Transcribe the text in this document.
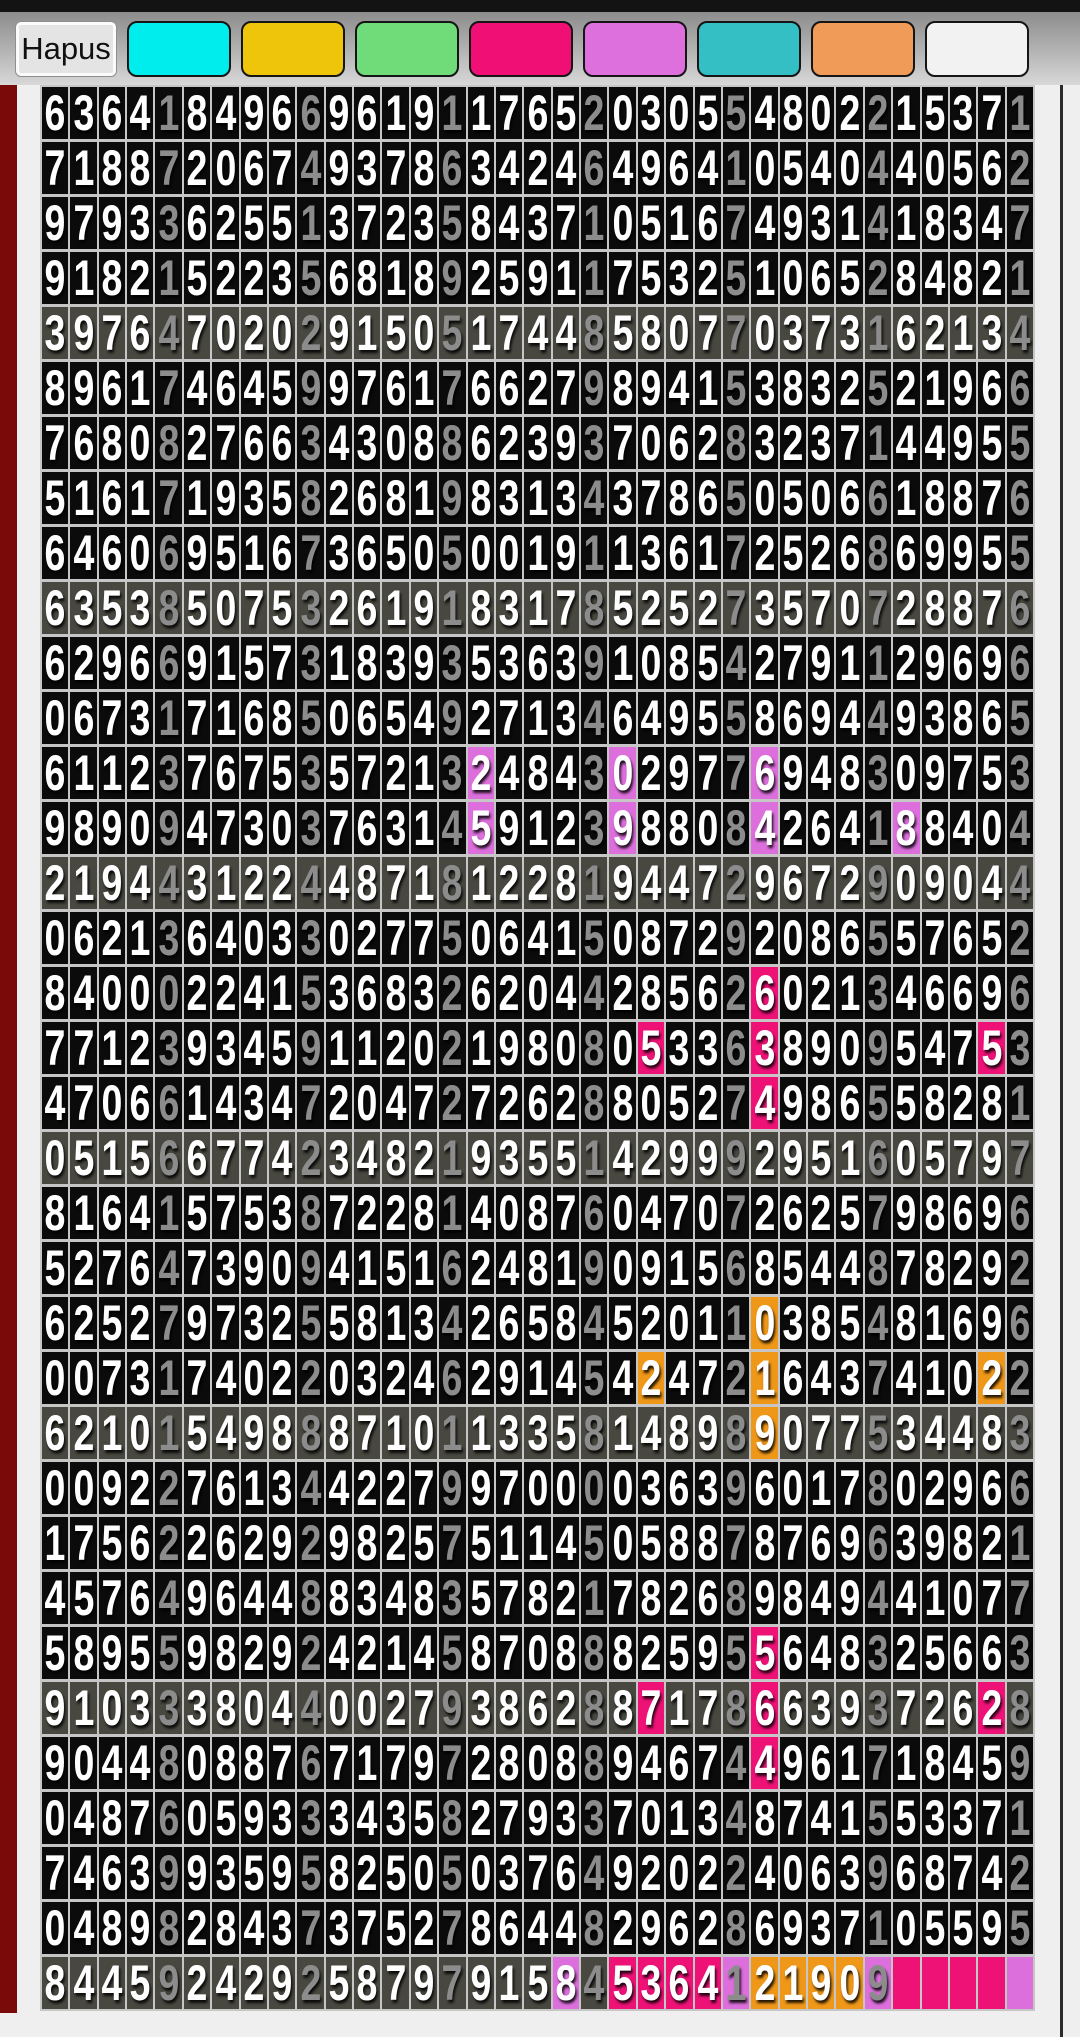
Hapus
6 3 6 4 1 8 4 9 6 6 9 6 1 9 1 1 7 6 5 2 0 3 0 5 5 4 8 0 2 2 1 5 3 7 1
7 1 8 8 7 2 0 6 7 4 9 3 7 8 6 3 4 2 4 6 4 9 6 4 1 0 5 4 0 4 4 0 5 6 2
9 7 9 3 3 6 2 5 5 1 3 7 2 3 5 8 4 3 7 1 0 5 1 6 7 4 9 3 1 4 1 8 3 4 7
9 1 8 2 1 5 2 2 3 5 6 8 1 8 9 2 5 9 1 1 7 5 3 2 5 1 0 6 5 2 8 4 8 2 1
3 9 7 6 4 7 0 2 0 2 9 1 5 0 5 1 7 4 4 8 5 8 0 7 7 0 3 7 3 1 6 2 1 3 4
8 9 6 1 7 4 6 4 5 9 9 7 6 1 7 6 6 2 7 9 8 9 4 1 5 3 8 3 2 5 2 1 9 6 6
7 6 8 0 8 2 7 6 6 3 4 3 0 8 8 6 2 3 9 3 7 0 6 2 8 3 2 3 7 1 4 4 9 5 5
5 1 6 1 7 1 9 3 5 8 2 6 8 1 9 8 3 1 3 4 3 7 8 6 5 0 5 0 6 6 1 8 8 7 6
6 4 6 0 6 9 5 1 6 7 3 6 5 0 5 0 0 1 9 1 1 3 6 1 7 2 5 2 6 8 6 9 9 5 5
6 3 5 3 8 5 0 7 5 3 2 6 1 9 1 8 3 1 7 8 5 2 5 2 7 3 5 7 0 7 2 8 8 7 6
6 2 9 6 6 9 1 5 7 3 1 8 3 9 3 5 3 6 3 9 1 0 8 5 4 2 7 9 1 1 2 9 6 9 6
0 6 7 3 1 7 1 6 8 5 0 6 5 4 9 2 7 1 3 4 6 4 9 5 5 8 6 9 4 4 9 3 8 6 5
6 1 1 2 3 7 6 7 5 3 5 7 2 1 3 2 4 8 4 3 0 2 9 7 7 6 9 4 8 3 0 9 7 5 3
9 8 9 0 9 4 7 3 0 3 7 6 3 1 4 5 9 1 2 3 9 8 8 0 8 4 2 6 4 1 8 8 4 0 4
2 1 9 4 4 3 1 2 2 4 4 8 7 1 8 1 2 2 8 1 9 4 4 7 2 9 6 7 2 9 0 9 0 4 4
0 6 2 1 3 6 4 0 3 3 0 2 7 7 5 0 6 4 1 5 0 8 7 2 9 2 0 8 6 5 5 7 6 5 2
8 4 0 0 0 2 2 4 1 5 3 6 8 3 2 6 2 0 4 4 2 8 5 6 2 6 0 2 1 3 4 6 6 9 6
7 7 1 2 3 9 3 4 5 9 1 1 2 0 2 1 9 8 0 8 0 5 3 3 6 3 8 9 0 9 5 4 7 5 3
4 7 0 6 6 1 4 3 4 7 2 0 4 7 2 7 2 6 2 8 8 0 5 2 7 4 9 8 6 5 5 8 2 8 1
0 5 1 5 6 6 7 7 4 2 3 4 8 2 1 9 3 5 5 1 4 2 9 9 9 2 9 5 1 6 0 5 7 9 7
8 1 6 4 1 5 7 5 3 8 7 2 2 8 1 4 0 8 7 6 0 4 7 0 7 2 6 2 5 7 9 8 6 9 6
5 2 7 6 4 7 3 9 0 9 4 1 5 1 6 2 4 8 1 9 0 9 1 5 6 8 5 4 4 8 7 8 2 9 2
6 2 5 2 7 9 7 3 2 5 5 8 1 3 4 2 6 5 8 4 5 2 0 1 1 0 3 8 5 4 8 1 6 9 6
0 0 7 3 1 7 4 0 2 2 0 3 2 4 6 2 9 1 4 5 4 2 4 7 2 1 6 4 3 7 4 1 0 2 2
6 2 1 0 1 5 4 9 8 8 8 7 1 0 1 1 3 3 5 8 1 4 8 9 8 9 0 7 7 5 3 4 4 8 3
0 0 9 2 2 7 6 1 3 4 4 2 2 7 9 9 7 0 0 0 0 3 6 3 9 6 0 1 7 8 0 2 9 6 6
1 7 5 6 2 2 6 2 9 2 9 8 2 5 7 5 1 1 4 5 0 5 8 8 7 8 7 6 9 6 3 9 8 2 1
4 5 7 6 4 9 6 4 4 8 8 3 4 8 3 5 7 8 2 1 7 8 2 6 8 9 8 4 9 4 4 1 0 7 7
5 8 9 5 5 9 8 2 9 2 4 2 1 4 5 8 7 0 8 8 8 2 5 9 5 5 6 4 8 3 2 5 6 6 3
9 1 0 3 3 3 8 0 4 4 0 0 2 7 9 3 8 6 2 8 8 7 1 7 8 6 6 3 9 3 7 2 6 2 8
9 0 4 4 8 0 8 8 7 6 7 1 7 9 7 2 8 0 8 8 9 4 6 7 4 4 9 6 1 7 1 8 4 5 9
0 4 8 7 6 0 5 9 3 3 3 4 3 5 8 2 7 9 3 3 7 0 1 3 4 8 7 4 1 5 5 3 3 7 1
7 4 6 3 9 9 3 5 9 5 8 2 5 0 5 0 3 7 6 4 9 2 0 2 2 4 0 6 3 9 6 8 7 4 2
0 4 8 9 8 2 8 4 3 7 3 7 5 2 7 8 6 4 4 8 2 9 6 2 8 6 9 3 7 1 0 5 5 9 5
8 4 4 5 9 2 4 2 9 2 5 8 7 9 7 9 1 5 8 4 5 3 6 4 1 2 1 9 0 9
